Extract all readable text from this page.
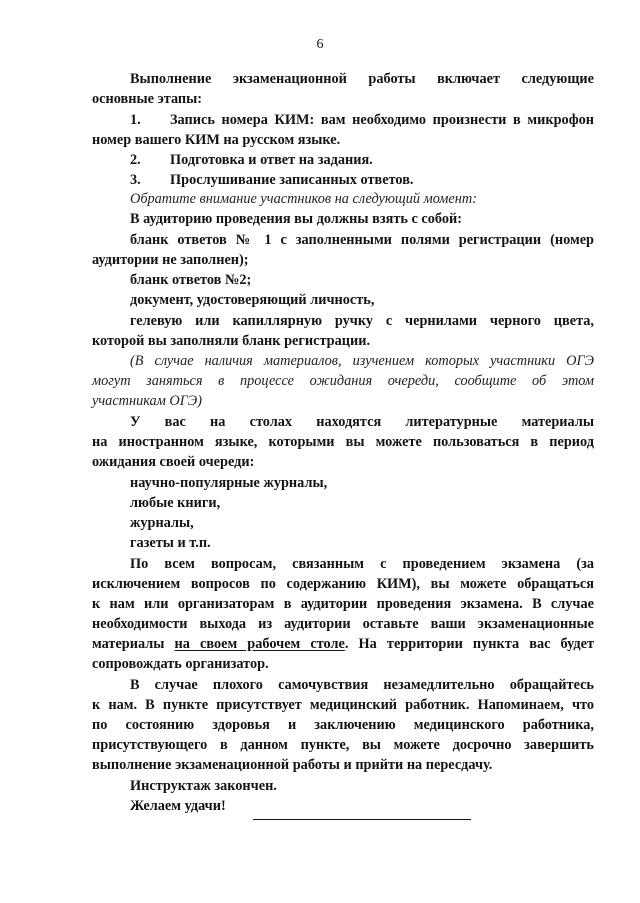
6
Выполнение экзаменационной работы включает следующие
основные этапы:
1. Запись номера КИМ: вам необходимо произнести в микрофон
номер вашего КИМ на русском языке.
2. Подготовка и ответ на задания.
3. Прослушивание записанных ответов.
Обратите внимание участников на следующий момент:
В аудиторию проведения вы должны взять с собой:
бланк ответов № 1 с заполненными полями регистрации (номер
аудитории не заполнен);
бланк ответов №2;
документ, удостоверяющий личность,
гелевую или капиллярную ручку с чернилами черного цвета,
которой вы заполняли бланк регистрации.
(В случае наличия материалов, изучением которых участники ОГЭ
могут заняться в процессе ожидания очереди, сообщите об этом
участникам ОГЭ)
У вас на столах находятся литературные материалы
на иностранном языке, которыми вы можете пользоваться в период
ожидания своей очереди:
научно-популярные журналы,
любые книги,
журналы,
газеты и т.п.
По всем вопросам, связанным с проведением экзамена (за
исключением вопросов по содержанию КИМ), вы можете обращаться
к нам или организаторам в аудитории проведения экзамена. В случае
необходимости выхода из аудитории оставьте ваши экзаменационные
материалы на своем рабочем столе. На территории пункта вас будет
сопровождать организатор.
В случае плохого самочувствия незамедлительно обращайтесь
к нам. В пункте присутствует медицинский работник. Напоминаем, что
по состоянию здоровья и заключению медицинского работника,
присутствующего в данном пункте, вы можете досрочно завершить
выполнение экзаменационной работы и прийти на пересдачу.
Инструктаж закончен.
Желаем удачи!
